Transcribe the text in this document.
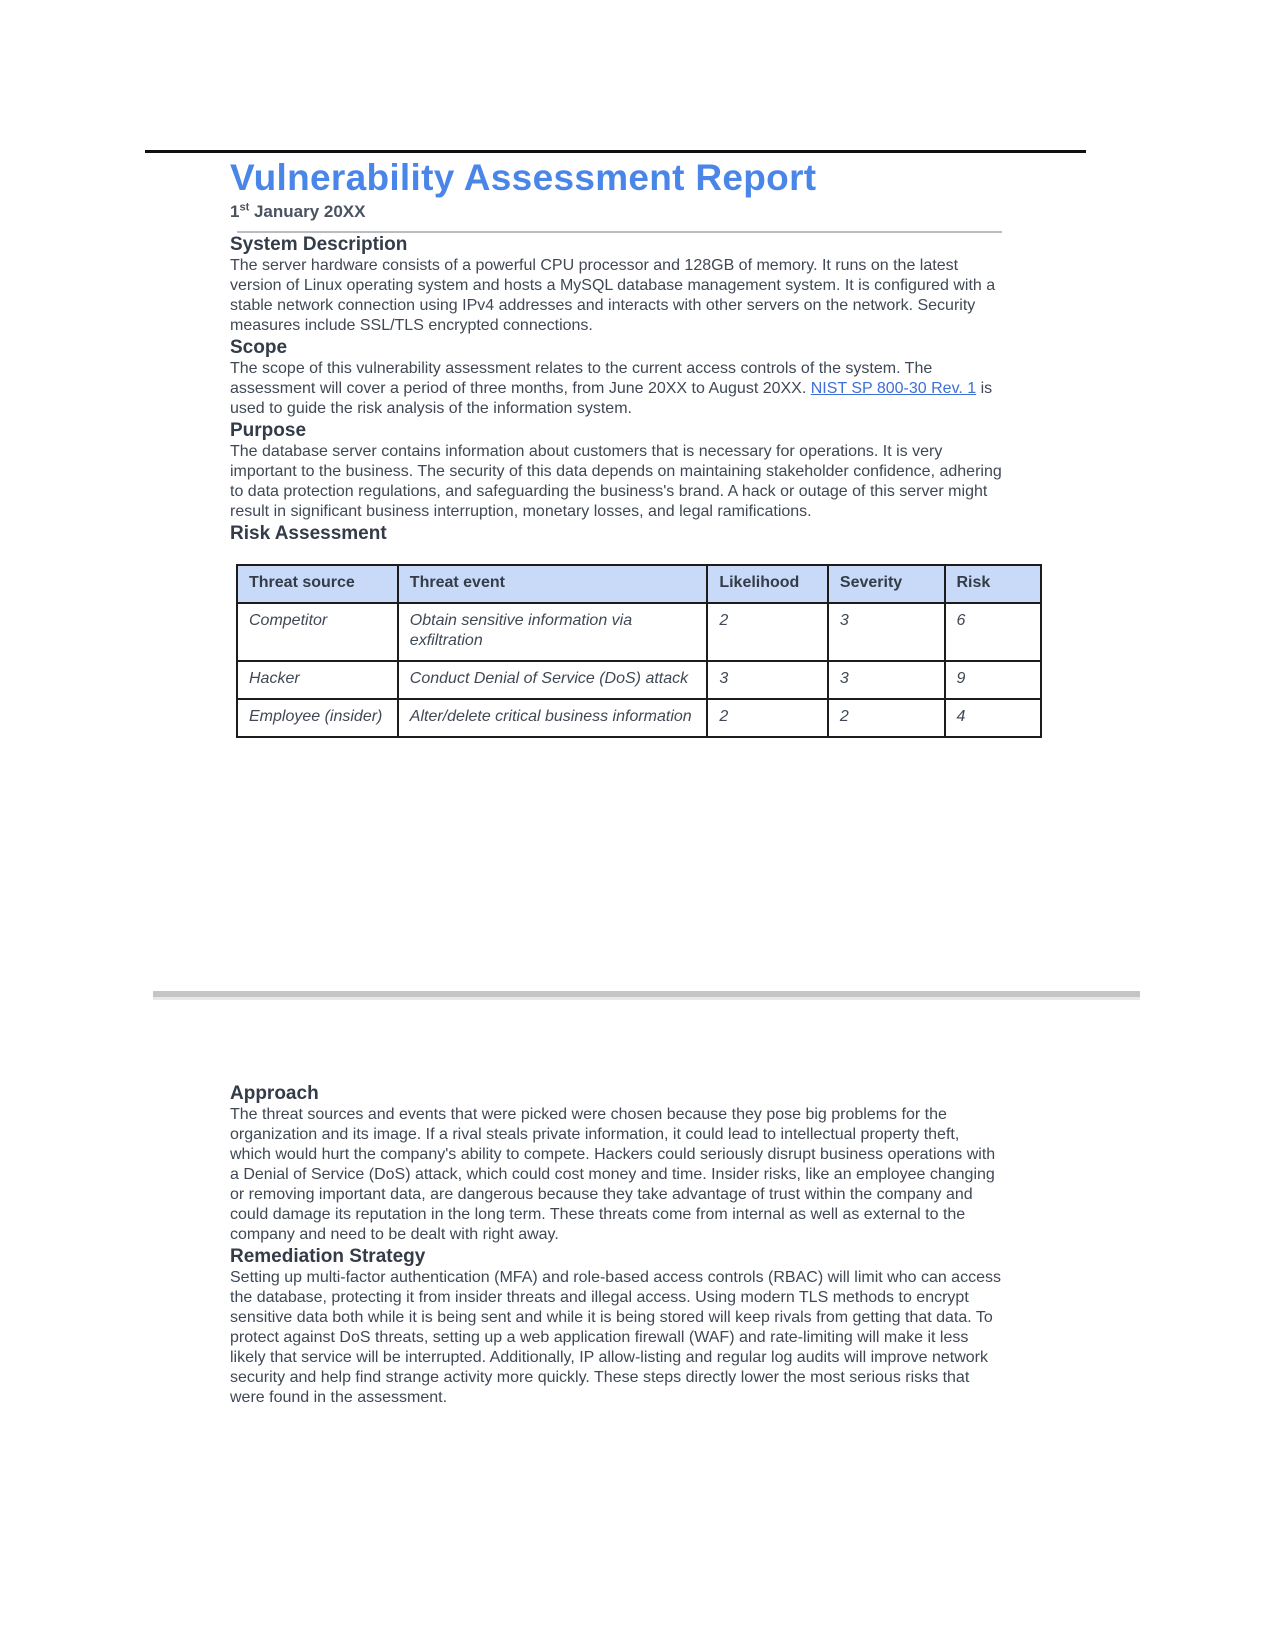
Vulnerability Assessment Report

1st January 20XX

System Description

The server hardware consists of a powerful CPU processor and 128GB of memory. It runs on the latest version of Linux operating system and hosts a MySQL database management system. It is configured with a stable network connection using IPv4 addresses and interacts with other servers on the network. Security measures include SSL/TLS encrypted connections.

Scope

The scope of this vulnerability assessment relates to the current access controls of the system. The assessment will cover a period of three months, from June 20XX to August 20XX. NIST SP 800-30 Rev. 1 is used to guide the risk analysis of the information system.

Purpose

The database server contains information about customers that is necessary for operations. It is very important to the business. The security of this data depends on maintaining stakeholder confidence, adhering to data protection regulations, and safeguarding the business's brand. A hack or outage of this server might result in significant business interruption, monetary losses, and legal ramifications.

Risk Assessment
Threat source	Threat event	Likelihood	Severity	Risk
Competitor	Obtain sensitive information via exfiltration	2	3	6
Hacker	Conduct Denial of Service (DoS) attack	3	3	9
Employee (insider)	Alter/delete critical business information	2	2	4
Approach

The threat sources and events that were picked were chosen because they pose big problems for the organization and its image. If a rival steals private information, it could lead to intellectual property theft, which would hurt the company's ability to compete. Hackers could seriously disrupt business operations with a Denial of Service (DoS) attack, which could cost money and time. Insider risks, like an employee changing or removing important data, are dangerous because they take advantage of trust within the company and could damage its reputation in the long term. These threats come from internal as well as external to the company and need to be dealt with right away.

Remediation Strategy

Setting up multi-factor authentication (MFA) and role-based access controls (RBAC) will limit who can access the database, protecting it from insider threats and illegal access. Using modern TLS methods to encrypt sensitive data both while it is being sent and while it is being stored will keep rivals from getting that data. To protect against DoS threats, setting up a web application firewall (WAF) and rate-limiting will make it less likely that service will be interrupted. Additionally, IP allow-listing and regular log audits will improve network security and help find strange activity more quickly. These steps directly lower the most serious risks that were found in the assessment.
